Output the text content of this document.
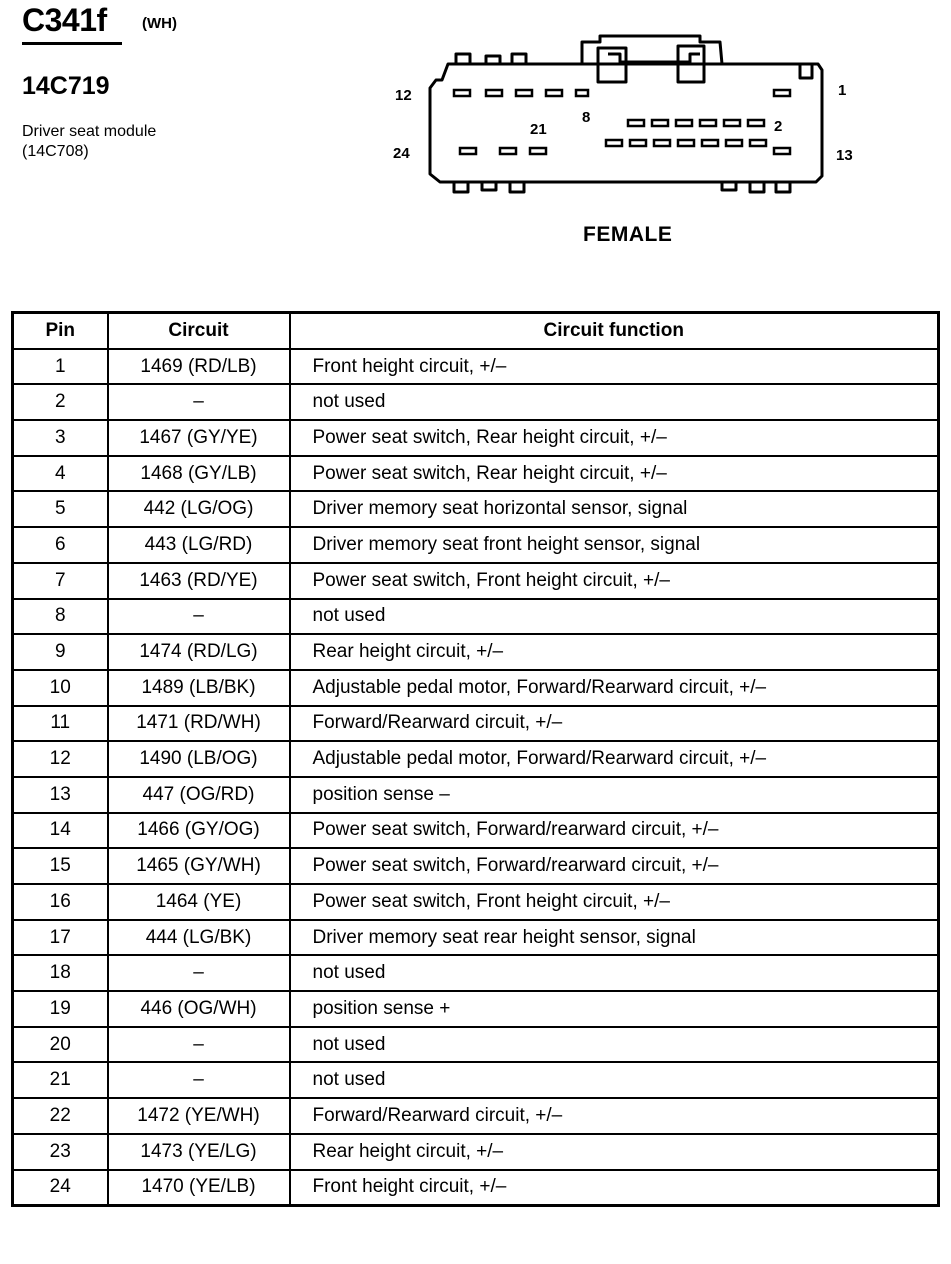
C341f (WH)
14C719
Driver seat module
(14C708)
12	1
24	13
21
8
2
FEMALE
Pin	Circuit	Circuit function
1	1469 (RD/LB)	Front height circuit, +/–
2	–	not used
3	1467 (GY/YE)	Power seat switch, Rear height circuit, +/–
4	1468 (GY/LB)	Power seat switch, Rear height circuit, +/–
5	442 (LG/OG)	Driver memory seat horizontal sensor, signal
6	443 (LG/RD)	Driver memory seat front height sensor, signal
7	1463 (RD/YE)	Power seat switch, Front height circuit, +/–
8	–	not used
9	1474 (RD/LG)	Rear height circuit, +/–
10	1489 (LB/BK)	Adjustable pedal motor, Forward/Rearward circuit, +/–
11	1471 (RD/WH)	Forward/Rearward circuit, +/–
12	1490 (LB/OG)	Adjustable pedal motor, Forward/Rearward circuit, +/–
13	447 (OG/RD)	position sense –
14	1466 (GY/OG)	Power seat switch, Forward/rearward circuit, +/–
15	1465 (GY/WH)	Power seat switch, Forward/rearward circuit, +/–
16	1464 (YE)	Power seat switch, Front height circuit, +/–
17	444 (LG/BK)	Driver memory seat rear height sensor, signal
18	–	not used
19	446 (OG/WH)	position sense +
20	–	not used
21	–	not used
22	1472 (YE/WH)	Forward/Rearward circuit, +/–
23	1473 (YE/LG)	Rear height circuit, +/–
24	1470 (YE/LB)	Front height circuit, +/–
